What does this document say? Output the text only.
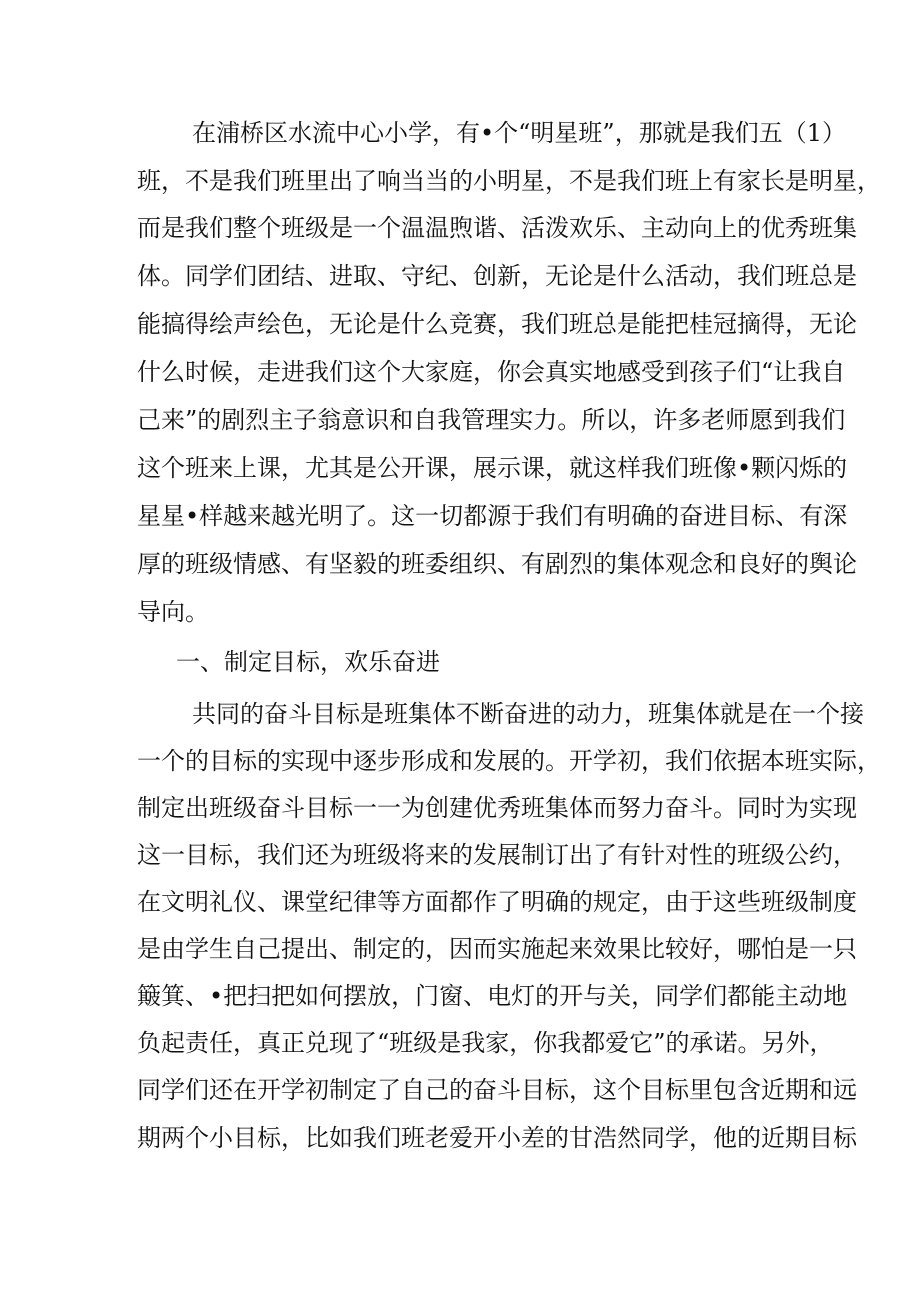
在浦桥区水流中心小学，有•个“明星班”，那就是我们五（1）
班，不是我们班里出了响当当的小明星，不是我们班上有家长是明星，
而是我们整个班级是一个温温煦谐、活泼欢乐、主动向上的优秀班集
体。同学们团结、进取、守纪、创新，无论是什么活动，我们班总是
能搞得绘声绘色，无论是什么竞赛，我们班总是能把桂冠摘得，无论
什么时候，走进我们这个大家庭，你会真实地感受到孩子们“让我自
己来”的剧烈主子翁意识和自我管理实力。所以，许多老师愿到我们
这个班来上课，尤其是公开课，展示课，就这样我们班像•颗闪烁的
星星•样越来越光明了。这一切都源于我们有明确的奋进目标、有深
厚的班级情感、有坚毅的班委组织、有剧烈的集体观念和良好的舆论
导向。
一、制定目标，欢乐奋进
共同的奋斗目标是班集体不断奋进的动力，班集体就是在一个接
一个的目标的实现中逐步形成和发展的。开学初，我们依据本班实际，
制定出班级奋斗目标一一为创建优秀班集体而努力奋斗。同时为实现
这一目标，我们还为班级将来的发展制订出了有针对性的班级公约，
在文明礼仪、课堂纪律等方面都作了明确的规定，由于这些班级制度
是由学生自己提出、制定的，因而实施起来效果比较好，哪怕是一只
簸箕、•把扫把如何摆放，门窗、电灯的开与关，同学们都能主动地
负起责任，真正兑现了“班级是我家，你我都爱它”的承诺。另外，
同学们还在开学初制定了自己的奋斗目标，这个目标里包含近期和远
期两个小目标，比如我们班老爱开小差的甘浩然同学，他的近期目标
